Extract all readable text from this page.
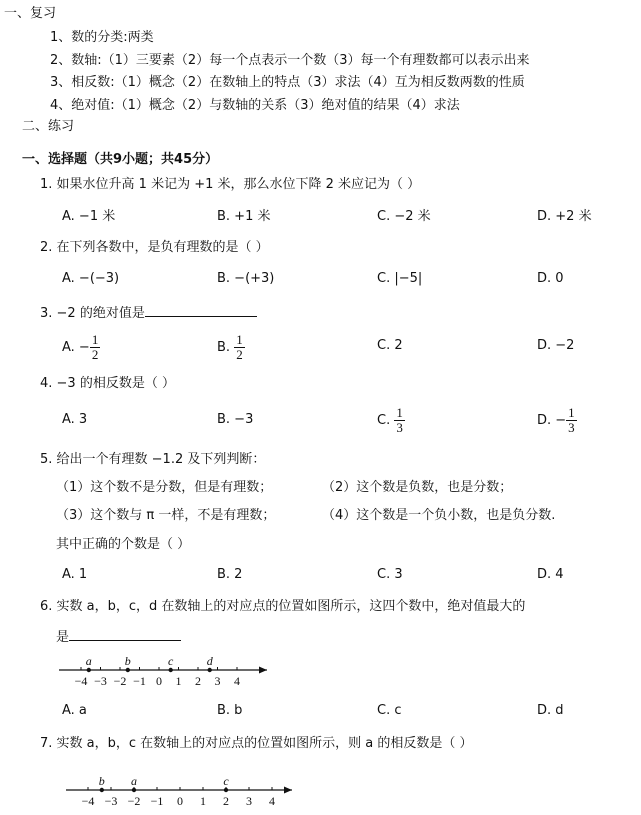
一、复习
1、数的分类:两类
2、数轴:（1）三要素（2）每一个点表示一个数（3）每一个有理数都可以表示出来
3、相反数:（1）概念（2）在数轴上的特点（3）求法（4）互为相反数两数的性质
4、绝对值:（1）概念（2）与数轴的关系（3）绝对值的结果（4）求法
二、练习
一、选择题（共9小题；共45分）
1. 如果水位升高 1 米记为 +1 米，那么水位下降 2 米应记为（ ）
A. −1 米	B. +1 米	C. −2 米	D. +2 米
2. 在下列各数中，是负有理数的是（ ）
A. −(−3)	B. −(+3)	C. |−5|	D. 0
3. −2 的绝对值是
A. − $\frac{1}{2}$	B. $\frac{1}{2}$	C. 2	D. −2
4. −3 的相反数是（ ）
A. 3	B. −3	C. $\frac{1}{3}$	D. − $\frac{1}{3}$
5. 给出一个有理数 −1.2 及下列判断：
（1）这个数不是分数，但是有理数；	（2）这个数是负数，也是分数；
（3）这个数与 π 一样，不是有理数；	（4）这个数是一个负小数，也是负分数.
其中正确的个数是（ ）
A. 1	B. 2	C. 3	D. 4
6. 实数 a，b，c，d 在数轴上的对应点的位置如图所示，这四个数中，绝对值最大的
是
−4 −3 −2 −1 0 1 2 3 4
a	b	c	d
A. a	B. b	C. c	D. d
7. 实数 a，b，c 在数轴上的对应点的位置如图所示，则 a 的相反数是（ ）
−4 −3 −2 −1 0 1 2 3 4
b a	c
